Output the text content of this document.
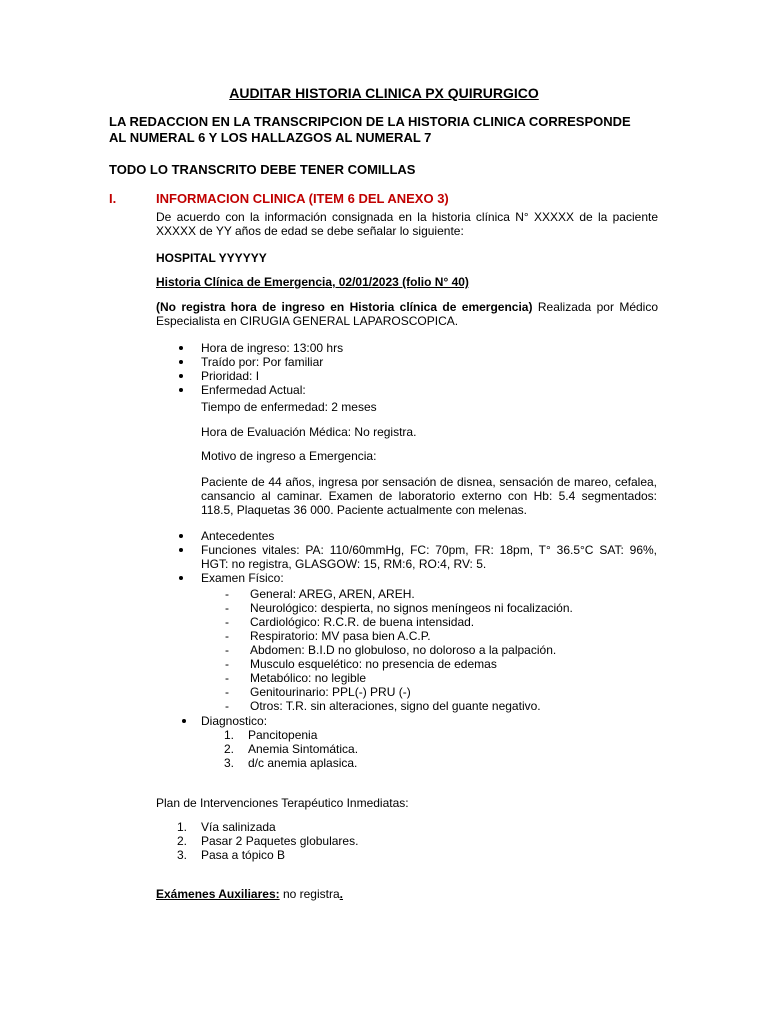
AUDITAR HISTORIA CLINICA PX QUIRURGICO
LA REDACCION EN LA TRANSCRIPCION DE LA HISTORIA CLINICA CORRESPONDE
AL NUMERAL 6 Y LOS HALLAZGOS AL NUMERAL 7
TODO LO TRANSCRITO DEBE TENER COMILLAS
I.	INFORMACION CLINICA (ITEM 6 DEL ANEXO 3)
De acuerdo con la información consignada en la historia clínica N° XXXXX de la paciente XXXXX de YY años de edad se debe señalar lo siguiente:
HOSPITAL YYYYYY
Historia Clínica de Emergencia, 02/01/2023 (folio N° 40)
(No registra hora de ingreso en Historia clínica de emergencia) Realizada por Médico Especialista en CIRUGIA GENERAL LAPAROSCOPICA.
Hora de ingreso: 13:00 hrs
Traído por: Por familiar
Prioridad: I
Enfermedad Actual:
Tiempo de enfermedad: 2 meses
Hora de Evaluación Médica: No registra.
Motivo de ingreso a Emergencia:
Paciente de 44 años, ingresa por sensación de disnea, sensación de mareo, cefalea, cansancio al caminar. Examen de laboratorio externo con Hb: 5.4 segmentados: 118.5, Plaquetas 36 000. Paciente actualmente con melenas.
Antecedentes
Funciones vitales: PA: 110/60mmHg, FC: 70pm, FR: 18pm, T° 36.5°C SAT: 96%, HGT: no registra, GLASGOW: 15, RM:6, RO:4, RV: 5.
Examen Físico:
- General: AREG, AREN, AREH.
- Neurológico: despierta, no signos meníngeos ni focalización.
- Cardiológico: R.C.R. de buena intensidad.
- Respiratorio: MV pasa bien A.C.P.
- Abdomen: B.I.D no globuloso, no doloroso a la palpación.
- Musculo esquelético: no presencia de edemas
- Metabólico: no legible
- Genitourinario: PPL(-) PRU (-)
- Otros: T.R. sin alteraciones, signo del guante negativo.
Diagnostico:
1. Pancitopenia
2. Anemia Sintomática.
3. d/c anemia aplasica.
Plan de Intervenciones Terapéutico Inmediatas:
1. Vía salinizada
2. Pasar 2 Paquetes globulares.
3. Pasa a tópico B
Exámenes Auxiliares: no registra.
